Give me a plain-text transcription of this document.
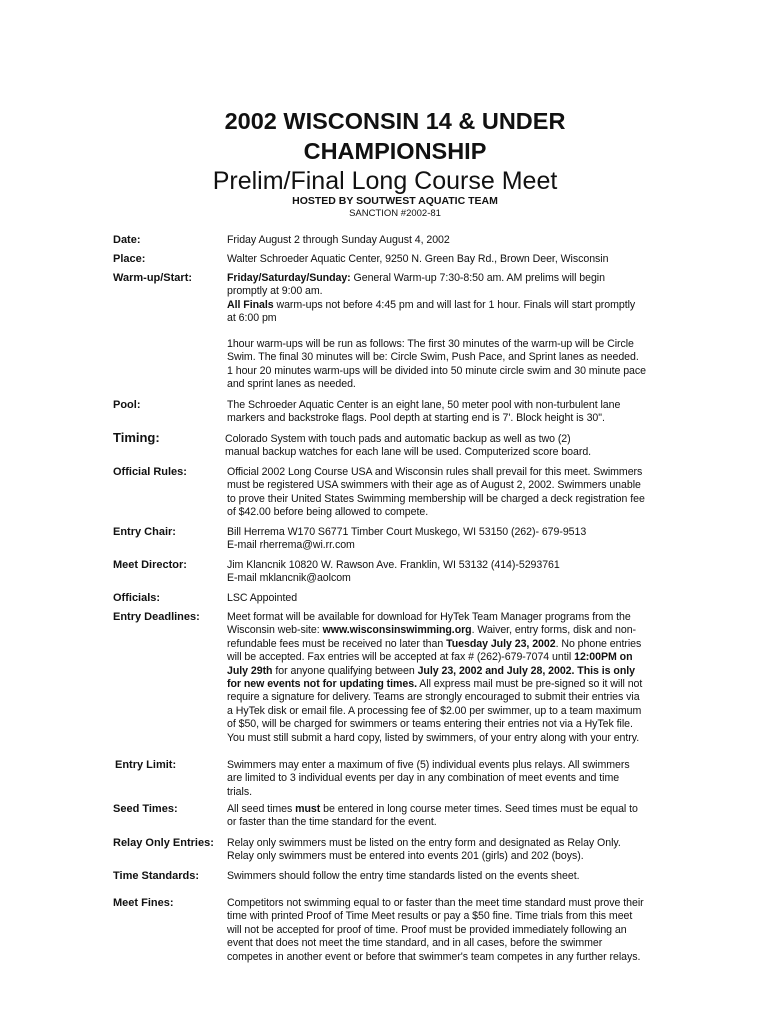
2002 WISCONSIN 14 & UNDER
CHAMPIONSHIP
Prelim/Final Long Course Meet
HOSTED BY SOUTWEST AQUATIC TEAM
SANCTION #2002-81
Date:	Friday August 2 through Sunday August 4, 2002
Place:	Walter Schroeder Aquatic Center, 9250 N. Green Bay Rd., Brown Deer, Wisconsin
Warm-up/Start:	Friday/Saturday/Sunday: General Warm-up 7:30-8:50 am. AM prelims will begin
promptly at 9:00 am.
All Finals warm-ups not before 4:45 pm and will last for 1 hour. Finals will start promptly
at 6:00 pm
1hour warm-ups will be run as follows: The first 30 minutes of the warm-up will be Circle
Swim. The final 30 minutes will be: Circle Swim, Push Pace, and Sprint lanes as needed.
1 hour 20 minutes warm-ups will be divided into 50 minute circle swim and 30 minute pace
and sprint lanes as needed.
Pool:	The Schroeder Aquatic Center is an eight lane, 50 meter pool with non-turbulent lane
markers and backstroke flags. Pool depth at starting end is 7'. Block height is 30".
Timing:	Colorado System with touch pads and automatic backup as well as two (2)
manual backup watches for each lane will be used. Computerized score board.
Official Rules:	Official 2002 Long Course USA and Wisconsin rules shall prevail for this meet. Swimmers
must be registered USA swimmers with their age as of August 2, 2002. Swimmers unable
to prove their United States Swimming membership will be charged a deck registration fee
of $42.00 before being allowed to compete.
Entry Chair:	Bill Herrema W170 S6771 Timber Court Muskego, WI 53150 (262)- 679-9513
E-mail rherrema@wi.rr.com
Meet Director:	Jim Klancnik 10820 W. Rawson Ave. Franklin, WI 53132 (414)-5293761
E-mail mklancnik@aolcom
Officials:	LSC Appointed
Entry Deadlines:	Meet format will be available for download for HyTek Team Manager programs from the
Wisconsin web-site: www.wisconsinswimming.org. Waiver, entry forms, disk and non-
refundable fees must be received no later than Tuesday July 23, 2002. No phone entries
will be accepted. Fax entries will be accepted at fax # (262)-679-7074 until 12:00PM on
July 29th for anyone qualifying between July 23, 2002 and July 28, 2002. This is only
for new events not for updating times. All express mail must be pre-signed so it will not
require a signature for delivery. Teams are strongly encouraged to submit their entries via
a HyTek disk or email file. A processing fee of $2.00 per swimmer, up to a team maximum
of $50, will be charged for swimmers or teams entering their entries not via a HyTek file.
You must still submit a hard copy, listed by swimmers, of your entry along with your entry.
Entry Limit:	Swimmers may enter a maximum of five (5) individual events plus relays. All swimmers
are limited to 3 individual events per day in any combination of meet events and time
trials.
Seed Times:	All seed times must be entered in long course meter times. Seed times must be equal to
or faster than the time standard for the event.
Relay Only Entries: Relay only swimmers must be listed on the entry form and designated as Relay Only.
Relay only swimmers must be entered into events 201 (girls) and 202 (boys).
Time Standards:	Swimmers should follow the entry time standards listed on the events sheet.
Meet Fines:	Competitors not swimming equal to or faster than the meet time standard must prove their
time with printed Proof of Time Meet results or pay a $50 fine. Time trials from this meet
will not be accepted for proof of time. Proof must be provided immediately following an
event that does not meet the time standard, and in all cases, before the swimmer
competes in another event or before that swimmer's team competes in any further relays.
